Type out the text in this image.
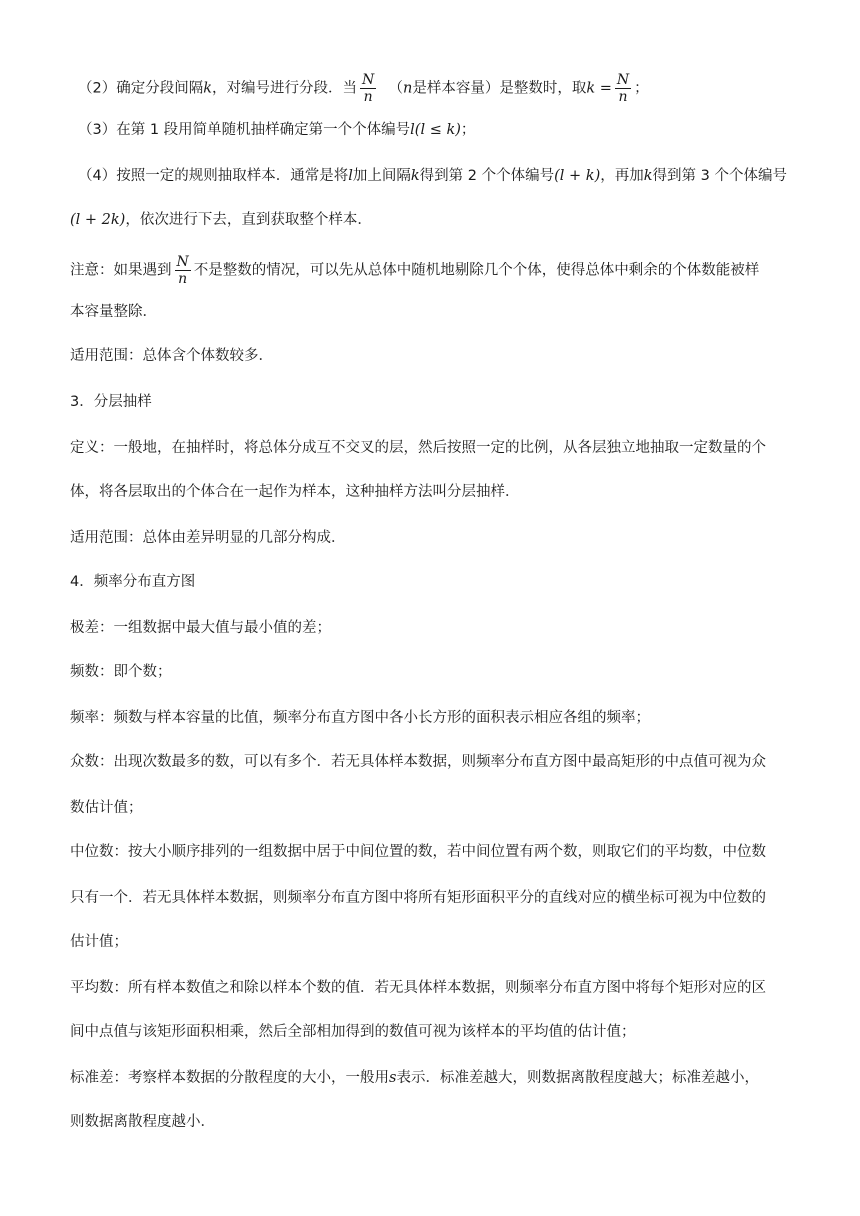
（2）确定分段间隔k，对编号进行分段．当 $\frac{N}{n} (n$是样本容量）是整数时，取$k = \frac{N}{n}$ ；
（3）在第 1 段用简单随机抽样确定第一个个体编号l(l ≤ k)；
（4）按照一定的规则抽取样本．通常是将l加上间隔k得到第 2 个个体编号(l + k)，再加k得到第 3 个个体编号
(l + 2k)，依次进行下去，直到获取整个样本．
注意：如果遇到 $\frac{N}{n}$ 不是整数的情况，可以先从总体中随机地剔除几个个体，使得总体中剩余的个体数能被样
本容量整除．
适用范围：总体含个体数较多．
3．分层抽样
定义：一般地，在抽样时，将总体分成互不交叉的层，然后按照一定的比例，从各层独立地抽取一定数量的个
体，将各层取出的个体合在一起作为样本，这种抽样方法叫分层抽样．
适用范围：总体由差异明显的几部分构成．
4．频率分布直方图
极差：一组数据中最大值与最小值的差；
频数：即个数；
频率：频数与样本容量的比值，频率分布直方图中各小长方形的面积表示相应各组的频率；
众数：出现次数最多的数，可以有多个．若无具体样本数据，则频率分布直方图中最高矩形的中点值可视为众
数估计值；
中位数：按大小顺序排列的一组数据中居于中间位置的数，若中间位置有两个数，则取它们的平均数，中位数
只有一个．若无具体样本数据，则频率分布直方图中将所有矩形面积平分的直线对应的横坐标可视为中位数的
估计值；
平均数：所有样本数值之和除以样本个数的值．若无具体样本数据，则频率分布直方图中将每个矩形对应的区
间中点值与该矩形面积相乘，然后全部相加得到的数值可视为该样本的平均值的估计值；
标准差：考察样本数据的分散程度的大小，一般用s表示．标准差越大，则数据离散程度越大；标准差越小，
则数据离散程度越小．
